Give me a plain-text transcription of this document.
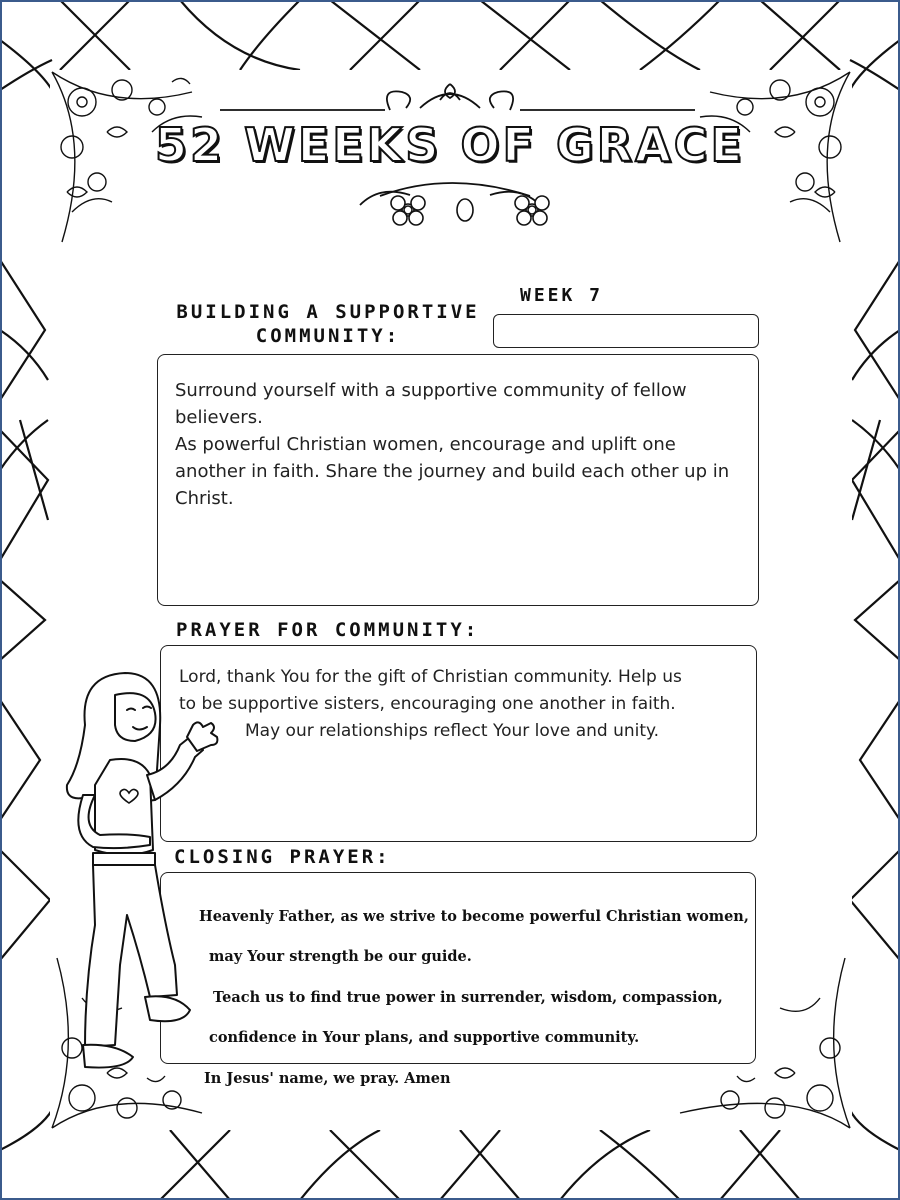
52 WEEKS OF GRACE
BUILDING A SUPPORTIVE COMMUNITY:
WEEK 7

Surround yourself with a supportive community of fellow believers.

As powerful Christian women, encourage and uplift one another in faith. Share the journey and build each other up in Christ.

PRAYER FOR COMMUNITY:

Lord, thank You for the gift of Christian community. Help us

to be supportive sisters, encouraging one another in faith.

May our relationships reflect Your love and unity.

CLOSING PRAYER:

Heavenly Father, as we strive to become powerful Christian women,

may Your strength be our guide.

Teach us to find true power in surrender, wisdom, compassion,

confidence in Your plans, and supportive community.

In Jesus' name, we pray. Amen
